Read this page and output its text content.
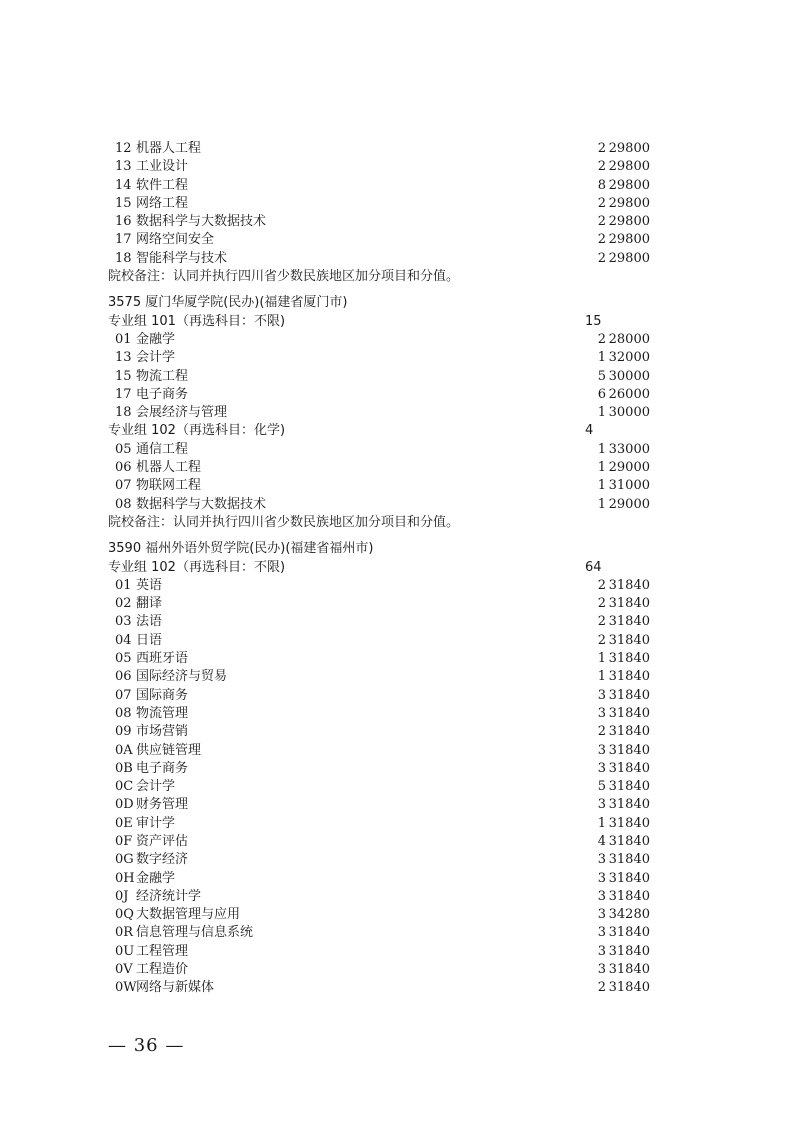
12 机器人工程	2 29800
13 工业设计	2 29800
14 软件工程	8 29800
15 网络工程	2 29800
16 数据科学与大数据技术	2 29800
17 网络空间安全	2 29800
18 智能科学与技术	2 29800
院校备注：认同并执行四川省少数民族地区加分项目和分值。
3575 厦门华厦学院(民办)(福建省厦门市)
专业组 101（再选科目：不限)	15
01 金融学	2 28000
13 会计学	1 32000
15 物流工程	5 30000
17 电子商务	6 26000
18 会展经济与管理	1 30000
专业组 102（再选科目：化学)	4
05 通信工程	1 33000
06 机器人工程	1 29000
07 物联网工程	1 31000
08 数据科学与大数据技术	1 29000
院校备注：认同并执行四川省少数民族地区加分项目和分值。
3590 福州外语外贸学院(民办)(福建省福州市)
专业组 102（再选科目：不限)	64
01 英语	2 31840
02 翻译	2 31840
03 法语	2 31840
04 日语	2 31840
05 西班牙语	1 31840
06 国际经济与贸易	1 31840
07 国际商务	3 31840
08 物流管理	3 31840
09 市场营销	2 31840
0A 供应链管理	3 31840
0B 电子商务	3 31840
0C 会计学	5 31840
0D 财务管理	3 31840
0E 审计学	1 31840
0F 资产评估	4 31840
0G 数字经济	3 31840
0H 金融学	3 31840
0J 经济统计学	3 31840
0Q 大数据管理与应用	3 34280
0R 信息管理与信息系统	3 31840
0U 工程管理	3 31840
0V 工程造价	3 31840
0W 网络与新媒体	2 31840
— 36 —
